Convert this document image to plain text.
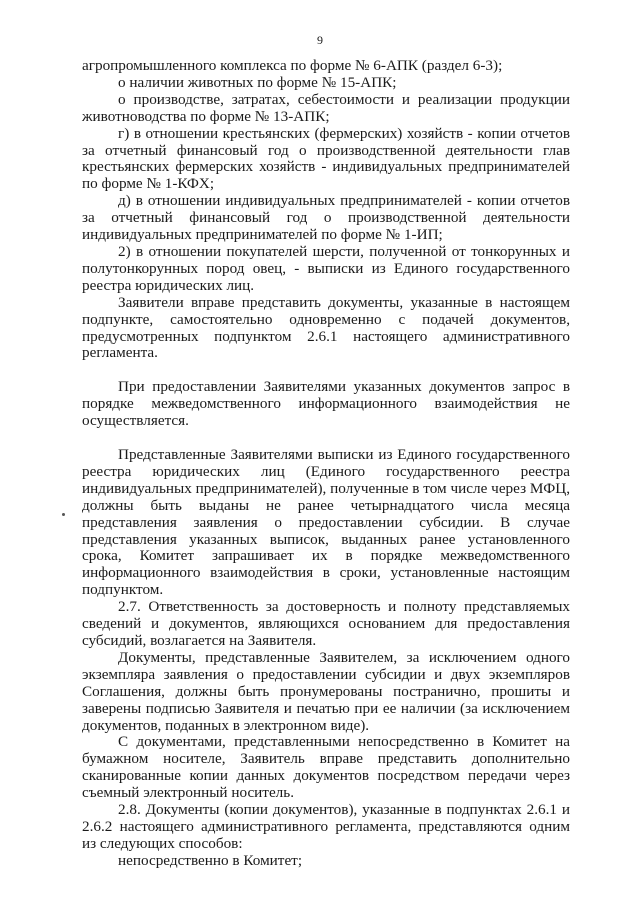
9

агропромышленного комплекса по форме № 6-АПК (раздел 6-3);

о наличии животных по форме № 15-АПК;

о производстве, затратах, себестоимости и реализации продукции животноводства по форме № 13-АПК;

г) в отношении крестьянских (фермерских) хозяйств - копии отчетов за отчетный финансовый год о производственной деятельности глав крестьянских фермерских хозяйств - индивидуальных предпринимателей по форме № 1-КФХ;

д) в отношении индивидуальных предпринимателей - копии отчетов за отчетный финансовый год о производственной деятельности индивидуальных предпринимателей по форме № 1-ИП;

2) в отношении покупателей шерсти, полученной от тонкорунных и полутонкорунных пород овец, - выписки из Единого государственного реестра юридических лиц.

Заявители вправе представить документы, указанные в настоящем подпункте, самостоятельно одновременно с подачей документов, предусмотренных подпунктом 2.6.1 настоящего административного регламента.

При предоставлении Заявителями указанных документов запрос в порядке межведомственного информационного взаимодействия не осуществляется.

Представленные Заявителями выписки из Единого государственного реестра юридических лиц (Единого государственного реестра индивидуальных предпринимателей), полученные в том числе через МФЦ, должны быть выданы не ранее четырнадцатого числа месяца представления заявления о предоставлении субсидии. В случае представления указанных выписок, выданных ранее установленного срока, Комитет запрашивает их в порядке межведомственного информационного взаимодействия в сроки, установленные настоящим подпунктом.

2.7. Ответственность за достоверность и полноту представляемых сведений и документов, являющихся основанием для предоставления субсидий, возлагается на Заявителя.

Документы, представленные Заявителем, за исключением одного экземпляра заявления о предоставлении субсидии и двух экземпляров Соглашения, должны быть пронумерованы постранично, прошиты и заверены подписью Заявителя и печатью при ее наличии (за исключением документов, поданных в электронном виде).

С документами, представленными непосредственно в Комитет на бумажном носителе, Заявитель вправе представить дополнительно сканированные копии данных документов посредством передачи через съемный электронный носитель.

2.8. Документы (копии документов), указанные в подпунктах 2.6.1 и 2.6.2 настоящего административного регламента, представляются одним из следующих способов:

непосредственно в Комитет;
